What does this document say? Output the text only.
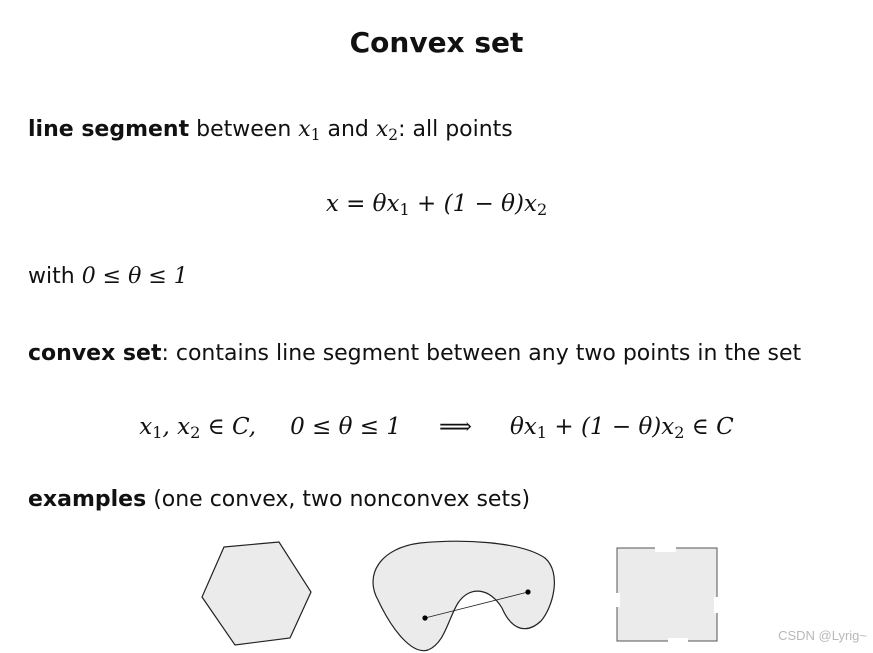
Convex set
line segment between $x_1$ and $x_2$: all points
$x = \theta x_1 + (1 - \theta)x_2$
with 0 ≤ θ ≤ 1
convex set: contains line segment between any two points in the set
$x_1$, $x_2$ ∈ C, 0 ≤ θ ≤ 1 ⟹ $\theta x_1 + (1 - \theta)x_2$ ∈ C
examples (one convex, two nonconvex sets)
CSDN @Lyrig~
